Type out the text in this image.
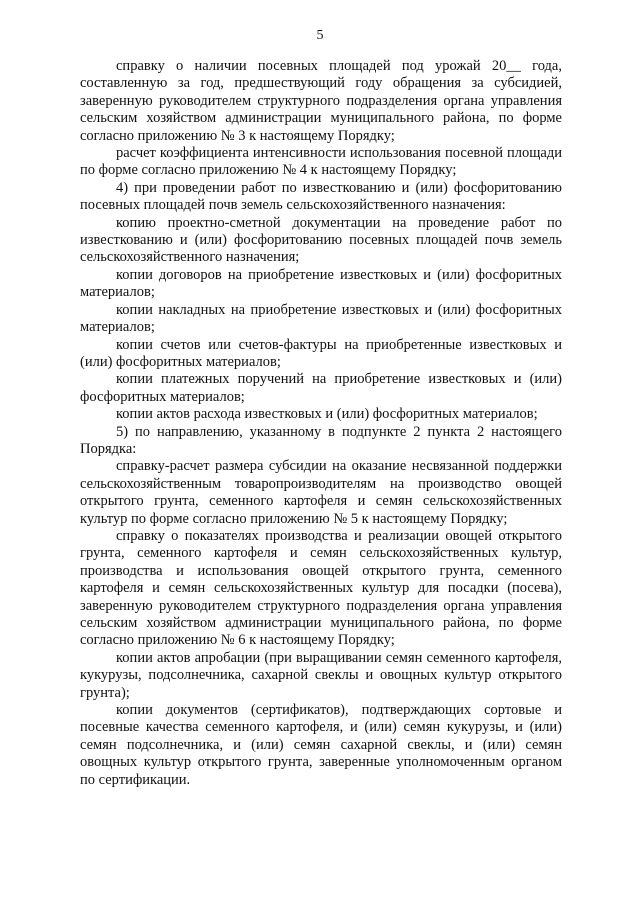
5

справку о наличии посевных площадей под урожай 20__ года, составленную за год, предшествующий году обращения за субсидией, заверенную руководителем структурного подразделения органа управления сельским хозяйством администрации муниципального района, по форме согласно приложению № 3 к настоящему Порядку;

расчет коэффициента интенсивности использования посевной площади по форме согласно приложению № 4 к настоящему Порядку;

4) при проведении работ по известкованию и (или) фосфоритованию посевных площадей почв земель сельскохозяйственного назначения:

копию проектно-сметной документации на проведение работ по известкованию и (или) фосфоритованию посевных площадей почв земель сельскохозяйственного назначения;

копии договоров на приобретение известковых и (или) фосфоритных материалов;

копии накладных на приобретение известковых и (или) фосфоритных материалов;

копии счетов или счетов-фактуры на приобретенные известковых и (или) фосфоритных материалов;

копии платежных поручений на приобретение известковых и (или) фосфоритных материалов;

копии актов расхода известковых и (или) фосфоритных материалов;

5) по направлению, указанному в подпункте 2 пункта 2 настоящего Порядка:

справку-расчет размера субсидии на оказание несвязанной поддержки сельскохозяйственным товаропроизводителям на производство овощей открытого грунта, семенного картофеля и семян сельскохозяйственных культур по форме согласно приложению № 5 к настоящему Порядку;

справку о показателях производства и реализации овощей открытого грунта, семенного картофеля и семян сельскохозяйственных культур, производства и использования овощей открытого грунта, семенного картофеля и семян сельскохозяйственных культур для посадки (посева), заверенную руководителем структурного подразделения органа управления сельским хозяйством администрации муниципального района, по форме согласно приложению № 6 к настоящему Порядку;

копии актов апробации (при выращивании семян семенного картофеля, кукурузы, подсолнечника, сахарной свеклы и овощных культур открытого грунта);

копии документов (сертификатов), подтверждающих сортовые и посевные качества семенного картофеля, и (или) семян кукурузы, и (или) семян подсолнечника, и (или) семян сахарной свеклы, и (или) семян овощных культур открытого грунта, заверенные уполномоченным органом по сертификации.
